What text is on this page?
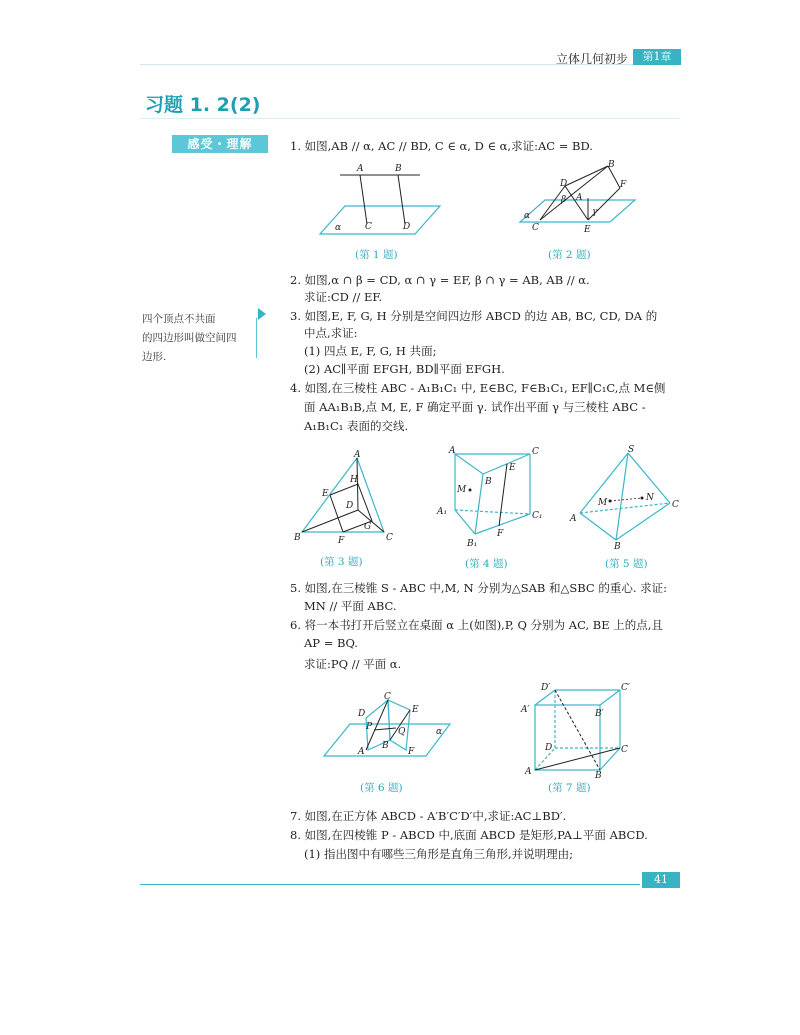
立体几何初步	第1章
习题 1. 2(2)
感受・理解
四个顶点不共面
的四边形叫做空间四
边形.
1. 如图,AB // α, AC // BD, C ∈ α, D ∈ α,求证:AC = BD.
A	B
C	D
α
(第 1 题)
B
F
D
β A
γ
α
C	E
(第 2 题)
2. 如图,α ∩ β = CD, α ∩ γ = EF, β ∩ γ = AB, AB // α.
求证:CD // EF.
3. 如图,E, F, G, H 分别是空间四边形 ABCD 的边 AB, BC, CD, DA 的
中点,求证:
(1) 四点 E, F, G, H 共面;
(2) AC∥平面 EFGH, BD∥平面 EFGH.
4. 如图,在三棱柱 ABC - A₁B₁C₁ 中, E∈BC, F∈B₁C₁, EF∥C₁C,点 M∈侧
面 AA₁B₁B,点 M, E, F 确定平面 γ. 试作出平面 γ 与三棱柱 ABC -
A₁B₁C₁ 表面的交线.
A
H
E
D
G
B	F	C
(第 3 题)
A	C
E
M
B
A₁	C₁
F
B₁
(第 4 题)
S
M	N
A
C
B
(第 5 题)
5. 如图,在三棱锥 S - ABC 中,M, N 分别为△SAB 和△SBC 的重心. 求证:
MN // 平面 ABC.
6. 将一本书打开后竖立在桌面 α 上(如图),P, Q 分别为 AC, BE 上的点,且
AP = BQ.
求证:PQ // 平面 α.
C
D	E
P	Q
A
B
F
α
(第 6 题)
D′	C′
A′	B′
D	C
A	B
(第 7 题)
7. 如图,在正方体 ABCD - A′B′C′D′中,求证:AC⊥BD′.
8. 如图,在四棱锥 P - ABCD 中,底面 ABCD 是矩形,PA⊥平面 ABCD.
(1) 指出图中有哪些三角形是直角三角形,并说明理由;
41
